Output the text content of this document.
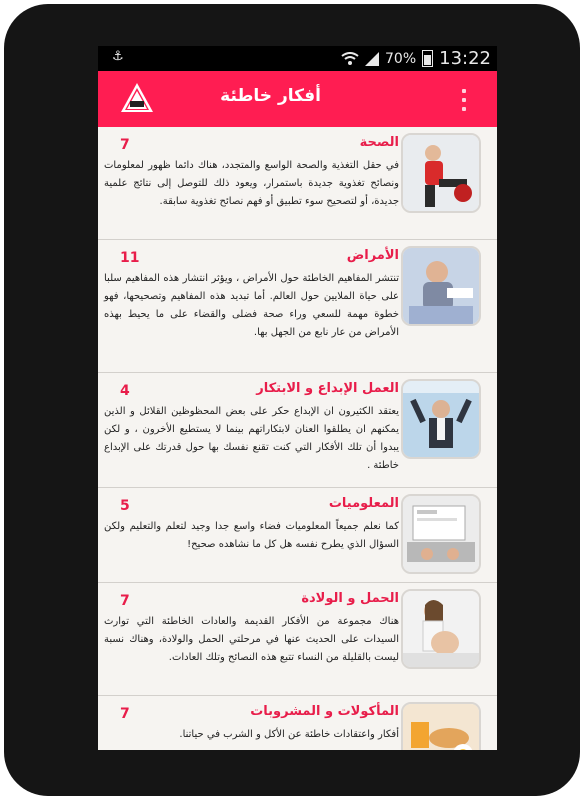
⚓	70% 13:22
أفكار خاطئة
7	الصحة
في حقل التغذية والصحة الواسع والمتجدد، هناك دائما ظهور لمعلومات ونصائح تغذوية جديدة باستمرار، ويعود ذلك للتوصل إلى نتائج علمية جديدة، أو لتصحيح سوء تطبيق أو فهم نصائح تغذوية سابقة.
11	الأمراض
تنتشر المفاهيم الخاطئة حول الأمراض ، ويؤثر انتشار هذه المفاهيم سلبا على حياة الملايين حول العالم. أما تبديد هذه المفاهيم وتصحيحها، فهو خطوة مهمة للسعي وراء صحة فضلى والقضاء على ما يحيط بهذه الأمراض من عار نابع من الجهل بها.
4	العمل الإبداع و الابتكار
يعتقد الكثيرون ان الإبداع حكر على بعض المحظوظين القلائل و الذين يمكنهم ان يطلقوا العنان لابتكاراتهم بينما لا يستطيع الأخرون ، و لكن يبدوا أن تلك الأفكار التي كنت تقنع نفسك بها حول قدرتك على الإبداع خاطئة .
5	المعلوميات
كما نعلم جميعاً المعلوميات فضاء واسع جدا وجيد لتعلم والتعليم ولكن السؤال الذي يطرح نفسه هل كل ما نشاهده صحيح!
7	الحمل و الولادة
هناك مجموعة من الأفكار القديمة والعادات الخاطئة التي توارث السيدات على الحديث عنها في مرحلتي الحمل والولادة، وهناك نسبة ليست بالقليلة من النساء تتبع هذه النصائح وتلك العادات.
7	المأكولات و المشروبات
أفكار واعتقادات خاطئة عن الأكل و الشرب في حياتنا.
